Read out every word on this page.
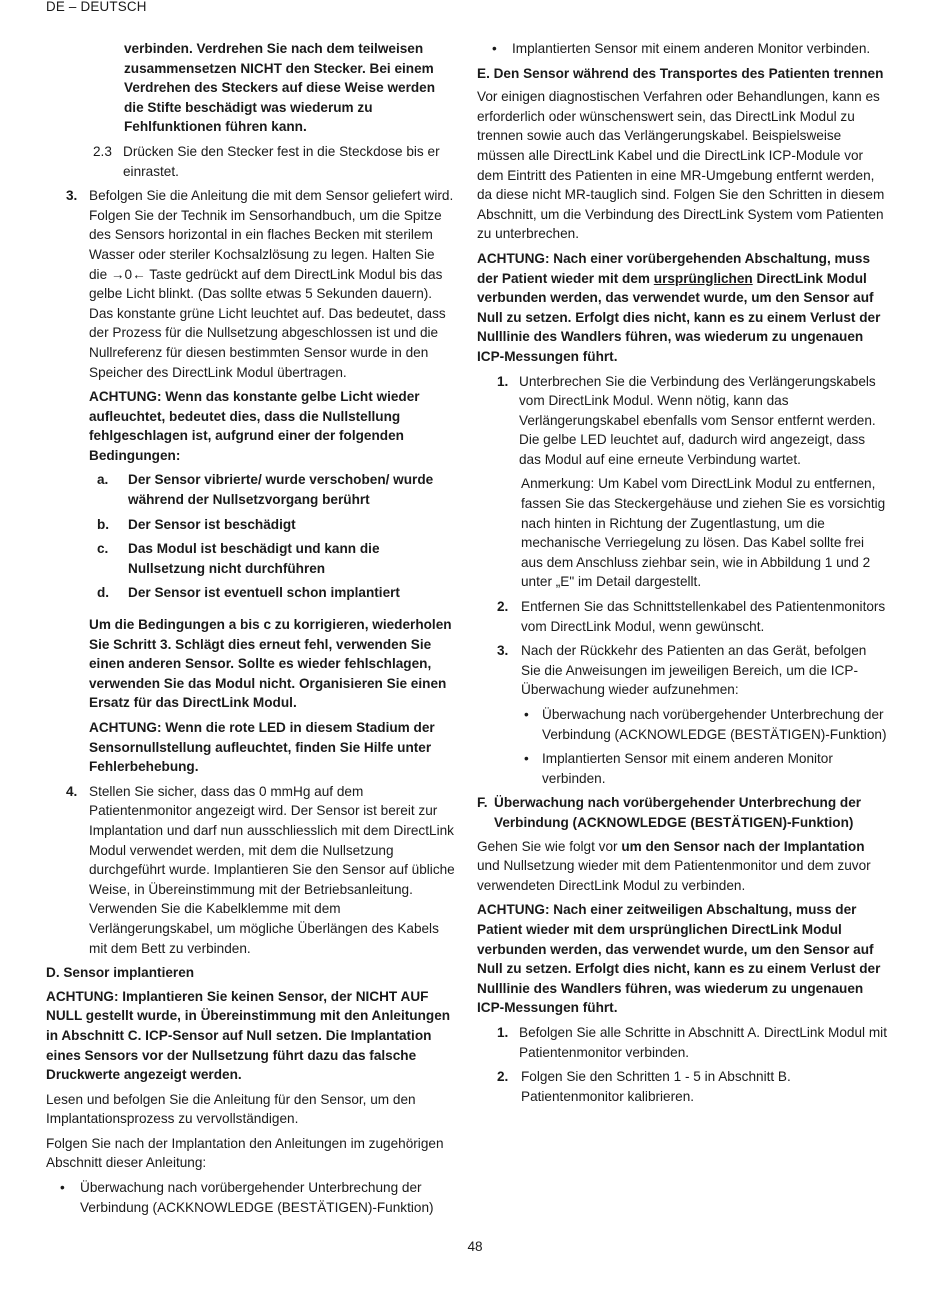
DE – DEUTSCH

verbinden. Verdrehen Sie nach dem teilweisen zusammensetzen NICHT den Stecker. Bei einem Verdrehen des Steckers auf diese Weise werden die Stifte beschädigt was wiederum zu Fehlfunktionen führen kann.

2.3 Drücken Sie den Stecker fest in die Steckdose bis er einrastet.
3. Befolgen Sie die Anleitung die mit dem Sensor geliefert wird. Folgen Sie der Technik im Sensorhandbuch, um die Spitze des Sensors horizontal in ein flaches Becken mit sterilem Wasser oder steriler Kochsalzlösung zu legen. Halten Sie die →0← Taste gedrückt auf dem DirectLink Modul bis das gelbe Licht blinkt. (Das sollte etwas 5 Sekunden dauern). Das konstante grüne Licht leuchtet auf. Das bedeutet, dass der Prozess für die Nullsetzung abgeschlossen ist und die Nullreferenz für diesen bestimmten Sensor wurde in den Speicher des DirectLink Modul übertragen.

ACHTUNG: Wenn das konstante gelbe Licht wieder aufleuchtet, bedeutet dies, dass die Nullstellung fehlgeschlagen ist, aufgrund einer der folgenden Bedingungen:

a.	Der Sensor vibrierte/ wurde verschoben/ wurde während der Nullsetzvorgang berührt
b.	Der Sensor ist beschädigt
c.	Das Modul ist beschädigt und kann die Nullsetzung nicht durchführen
d.	Der Sensor ist eventuell schon implantiert

Um die Bedingungen a bis c zu korrigieren, wiederholen Sie Schritt 3. Schlägt dies erneut fehl, verwenden Sie einen anderen Sensor. Sollte es wieder fehlschlagen, verwenden Sie das Modul nicht. Organisieren Sie einen Ersatz für das DirectLink Modul.

ACHTUNG: Wenn die rote LED in diesem Stadium der Sensornullstellung aufleuchtet, finden Sie Hilfe unter Fehlerbehebung.

4. Stellen Sie sicher, dass das 0 mmHg auf dem Patientenmonitor angezeigt wird. Der Sensor ist bereit zur Implantation und darf nun ausschliesslich mit dem DirectLink Modul verwendet werden, mit dem die Nullsetzung durchgeführt wurde. Implantieren Sie den Sensor auf übliche Weise, in Übereinstimmung mit der Betriebsanleitung. Verwenden Sie die Kabelklemme mit dem Verlängerungskabel, um mögliche Überlängen des Kabels mit dem Bett zu verbinden.
D. Sensor implantieren

ACHTUNG: Implantieren Sie keinen Sensor, der NICHT AUF NULL gestellt wurde, in Übereinstimmung mit den Anleitungen in Abschnitt C. ICP-Sensor auf Null setzen. Die Implantation eines Sensors vor der Nullsetzung führt dazu das falsche Druckwerte angezeigt werden.

Lesen und befolgen Sie die Anleitung für den Sensor, um den Implantationsprozess zu vervollständigen.

Folgen Sie nach der Implantation den Anleitungen im zugehörigen Abschnitt dieser Anleitung:

•	Überwachung nach vorübergehender Unterbrechung der Verbindung (ACKKNOWLEDGE (BESTÄTIGEN)-Funktion)
•	Implantierten Sensor mit einem anderen Monitor verbinden.
E. Den Sensor während des Transportes des Patienten trennen

Vor einigen diagnostischen Verfahren oder Behandlungen, kann es erforderlich oder wünschenswert sein, das DirectLink Modul zu trennen sowie auch das Verlängerungskabel. Beispielsweise müssen alle DirectLink Kabel und die DirectLink ICP-Module vor dem Eintritt des Patienten in eine MR-Umgebung entfernt werden, da diese nicht MR-tauglich sind. Folgen Sie den Schritten in diesem Abschnitt, um die Verbindung des DirectLink System vom Patienten zu unterbrechen.

ACHTUNG: Nach einer vorübergehenden Abschaltung, muss der Patient wieder mit dem ursprünglichen DirectLink Modul verbunden werden, das verwendet wurde, um den Sensor auf Null zu setzen. Erfolgt dies nicht, kann es zu einem Verlust der Nulllinie des Wandlers führen, was wiederum zu ungenauen ICP-Messungen führt.

1. Unterbrechen Sie die Verbindung des Verlängerungskabels vom DirectLink Modul. Wenn nötig, kann das Verlängerungskabel ebenfalls vom Sensor entfernt werden. Die gelbe LED leuchtet auf, dadurch wird angezeigt, dass das Modul auf eine erneute Verbindung wartet.

Anmerkung: Um Kabel vom DirectLink Modul zu entfernen, fassen Sie das Steckergehäuse und ziehen Sie es vorsichtig nach hinten in Richtung der Zugentlastung, um die mechanische Verriegelung zu lösen. Das Kabel sollte frei aus dem Anschluss ziehbar sein, wie in Abbildung 1 und 2 unter „E" im Detail dargestellt.

2. Entfernen Sie das Schnittstellenkabel des Patientenmonitors vom DirectLink Modul, wenn gewünscht.
3. Nach der Rückkehr des Patienten an das Gerät, befolgen Sie die Anweisungen im jeweiligen Bereich, um die ICP-Überwachung wieder aufzunehmen:
• Überwachung nach vorübergehender Unterbrechung der Verbindung (ACKNOWLEDGE (BESTÄTIGEN)-Funktion)
• Implantierten Sensor mit einem anderen Monitor verbinden.
F. Überwachung nach vorübergehender Unterbrechung der Verbindung (ACKNOWLEDGE (BESTÄTIGEN)-Funktion)

Gehen Sie wie folgt vor um den Sensor nach der Implantation und Nullsetzung wieder mit dem Patientenmonitor und dem zuvor verwendeten DirectLink Modul zu verbinden.

ACHTUNG: Nach einer zeitweiligen Abschaltung, muss der Patient wieder mit dem ursprünglichen DirectLink Modul verbunden werden, das verwendet wurde, um den Sensor auf Null zu setzen. Erfolgt dies nicht, kann es zu einem Verlust der Nulllinie des Wandlers führen, was wiederum zu ungenauen ICP-Messungen führt.

1. Befolgen Sie alle Schritte in Abschnitt A. DirectLink Modul mit Patientenmonitor verbinden.
2. Folgen Sie den Schritten 1 - 5 in Abschnitt B. Patientenmonitor kalibrieren.
48
